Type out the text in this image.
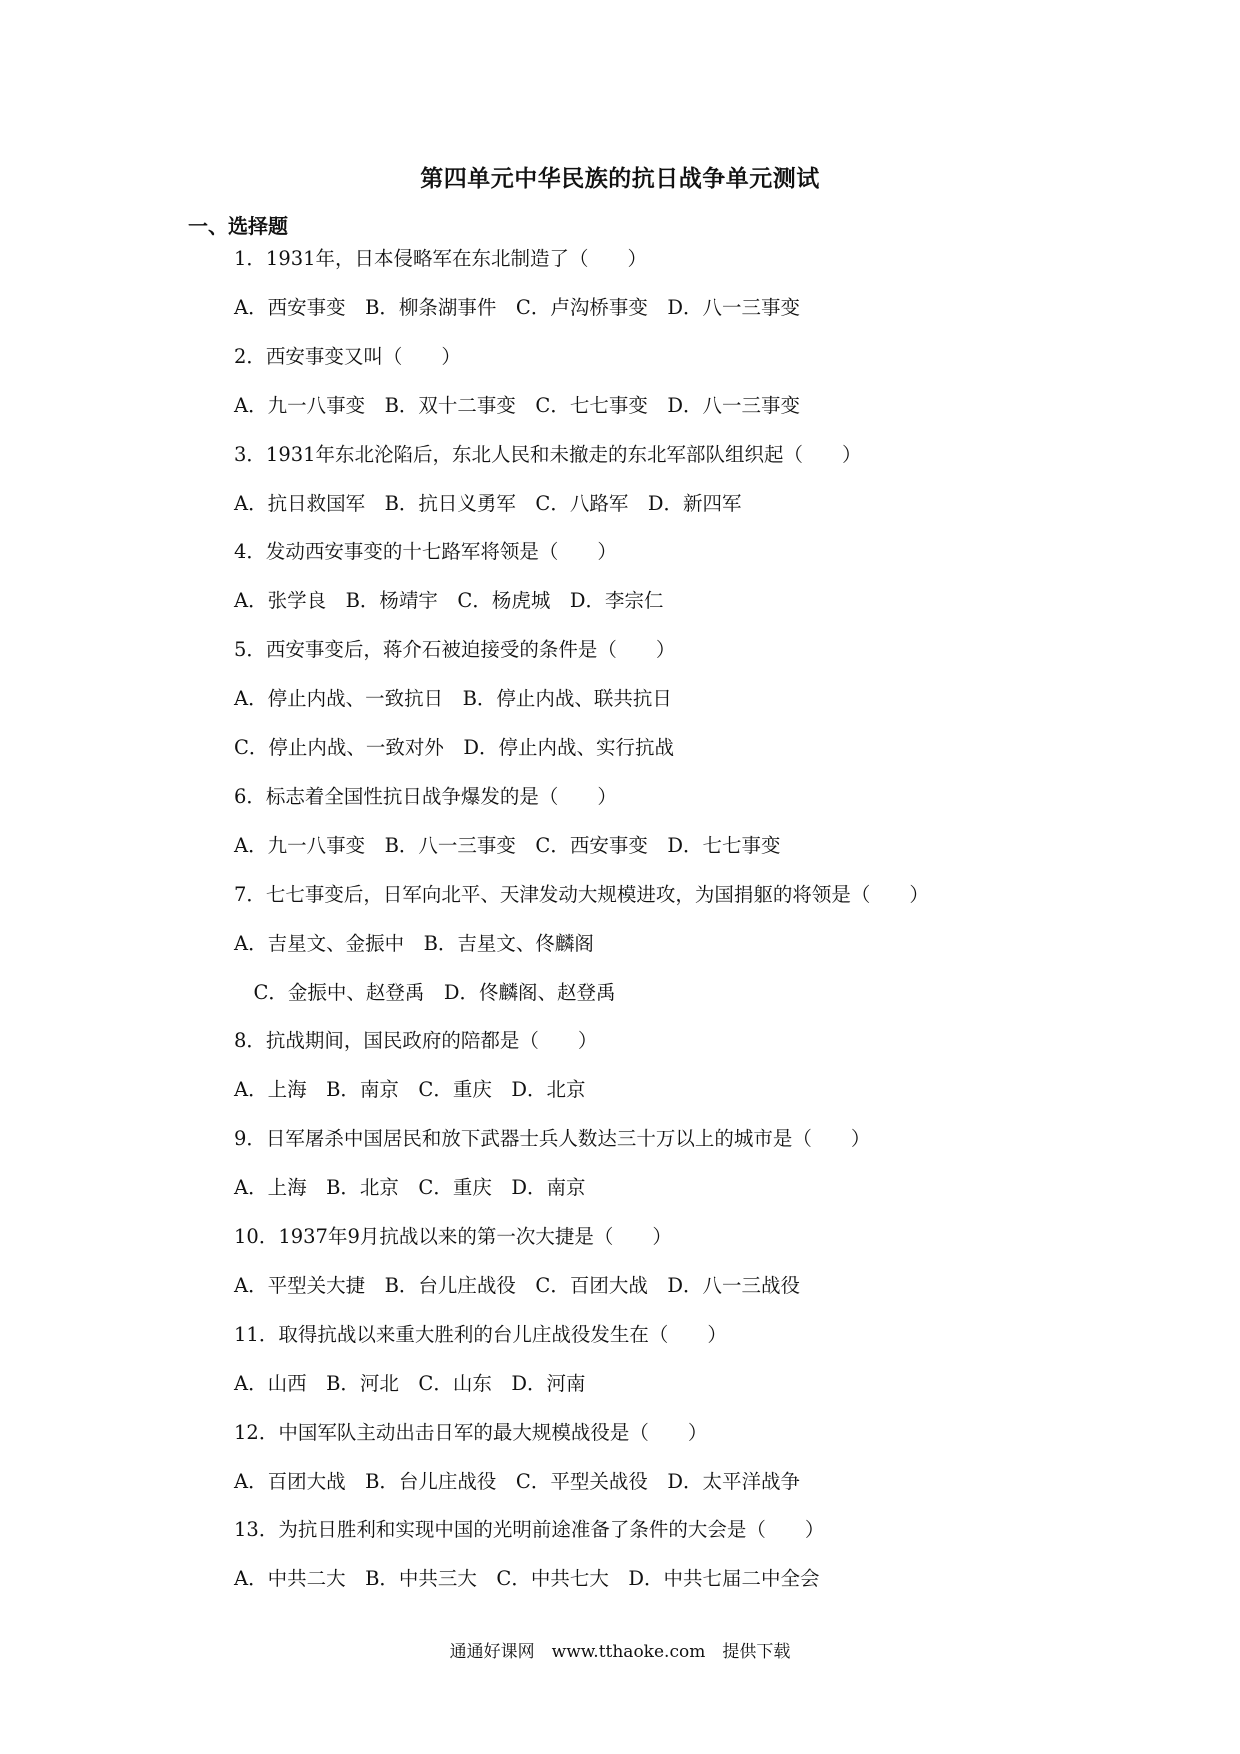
第四单元中华民族的抗日战争单元测试
一、选择题
1．1931年，日本侵略军在东北制造了（　　）
A．西安事变　B．柳条湖事件　C．卢沟桥事变　D．八一三事变
2．西安事变又叫（　　）
A．九一八事变　B．双十二事变　C．七七事变　D．八一三事变
3．1931年东北沦陷后，东北人民和未撤走的东北军部队组织起（　　）
A．抗日救国军　B．抗日义勇军　C．八路军　D．新四军
4．发动西安事变的十七路军将领是（　　）
A．张学良　B．杨靖宇　C．杨虎城　D．李宗仁
5．西安事变后，蒋介石被迫接受的条件是（　　）
A．停止内战、一致抗日　B．停止内战、联共抗日
C．停止内战、一致对外　D．停止内战、实行抗战
6．标志着全国性抗日战争爆发的是（　　）
A．九一八事变　B．八一三事变　C．西安事变　D．七七事变
7．七七事变后，日军向北平、天津发动大规模进攻，为国捐躯的将领是（　　）
A．吉星文、金振中　B．吉星文、佟麟阁
　C．金振中、赵登禹　D．佟麟阁、赵登禹
8．抗战期间，国民政府的陪都是（　　）
A．上海　B．南京　C．重庆　D．北京
9．日军屠杀中国居民和放下武器士兵人数达三十万以上的城市是（　　）
A．上海　B．北京　C．重庆　D．南京
10．1937年9月抗战以来的第一次大捷是（　　）
A．平型关大捷　B．台儿庄战役　C．百团大战　D．八一三战役
11．取得抗战以来重大胜利的台儿庄战役发生在（　　）
A．山西　B．河北　C．山东　D．河南
12．中国军队主动出击日军的最大规模战役是（　　）
A．百团大战　B．台儿庄战役　C．平型关战役　D．太平洋战争
13．为抗日胜利和实现中国的光明前途准备了条件的大会是（　　）
A．中共二大　B．中共三大　C．中共七大　D．中共七届二中全会
通通好课网　www.tthaoke.com　提供下载
